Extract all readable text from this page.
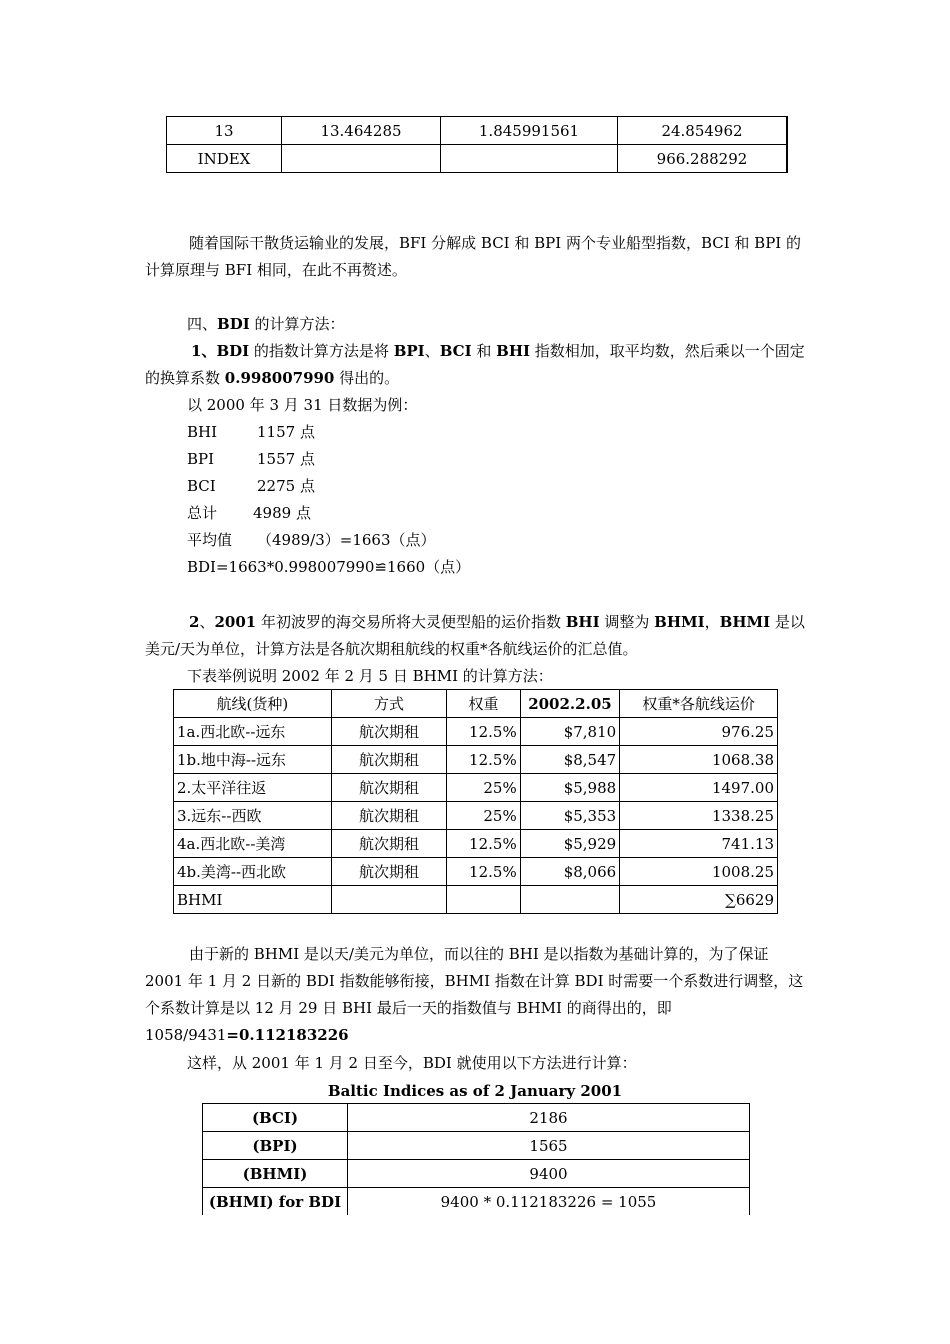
13	13.464285	1.845991561	24.854962
INDEX			966.288292
随着国际干散货运输业的发展，BFI 分解成 BCI 和 BPI 两个专业船型指数，BCI 和 BPI 的计算原理与 BFI 相同，在此不再赘述。
四、BDI 的计算方法：
1、BDI 的指数计算方法是将 BPI、BCI 和 BHI 指数相加，取平均数，然后乘以一个固定的换算系数 0.998007990 得出的。
以 2000 年 3 月 31 日数据为例：
BHI	1157 点
BPI	1557 点
BCI	2275 点
总计 4989 点
平均值 （4989/3）=1663（点）
BDI=1663*0.998007990≌1660（点）
2、2001 年初波罗的海交易所将大灵便型船的运价指数 BHI 调整为 BHMI，BHMI 是以美元/天为单位，计算方法是各航次期租航线的权重*各航线运价的汇总值。
下表举例说明 2002 年 2 月 5 日 BHMI 的计算方法：
航线(货种)	方式	权重	2002.2.05	权重*各航线运价
1a.西北欧--远东	航次期租	12.5%	$7,810	976.25
1b.地中海--远东	航次期租	12.5%	$8,547	1068.38
2.太平洋往返	航次期租	25%	$5,988	1497.00
3.远东--西欧	航次期租	25%	$5,353	1338.25
4a.西北欧--美湾	航次期租	12.5%	$5,929	741.13
4b.美湾--西北欧	航次期租	12.5%	$8,066	1008.25
BHMI				∑6629
由于新的 BHMI 是以天/美元为单位，而以往的 BHI 是以指数为基础计算的，为了保证 2001 年 1 月 2 日新的 BDI 指数能够衔接，BHMI 指数在计算 BDI 时需要一个系数进行调整，这个系数计算是以 12 月 29 日 BHI 最后一天的指数值与 BHMI 的商得出的，即 1058/9431=0.112183226
这样，从 2001 年 1 月 2 日至今，BDI 就使用以下方法进行计算：
Baltic Indices as of 2 January 2001
(BCI)	2186
(BPI)	1565
(BHMI)	9400
(BHMI) for BDI	9400 * 0.112183226 = 1055
